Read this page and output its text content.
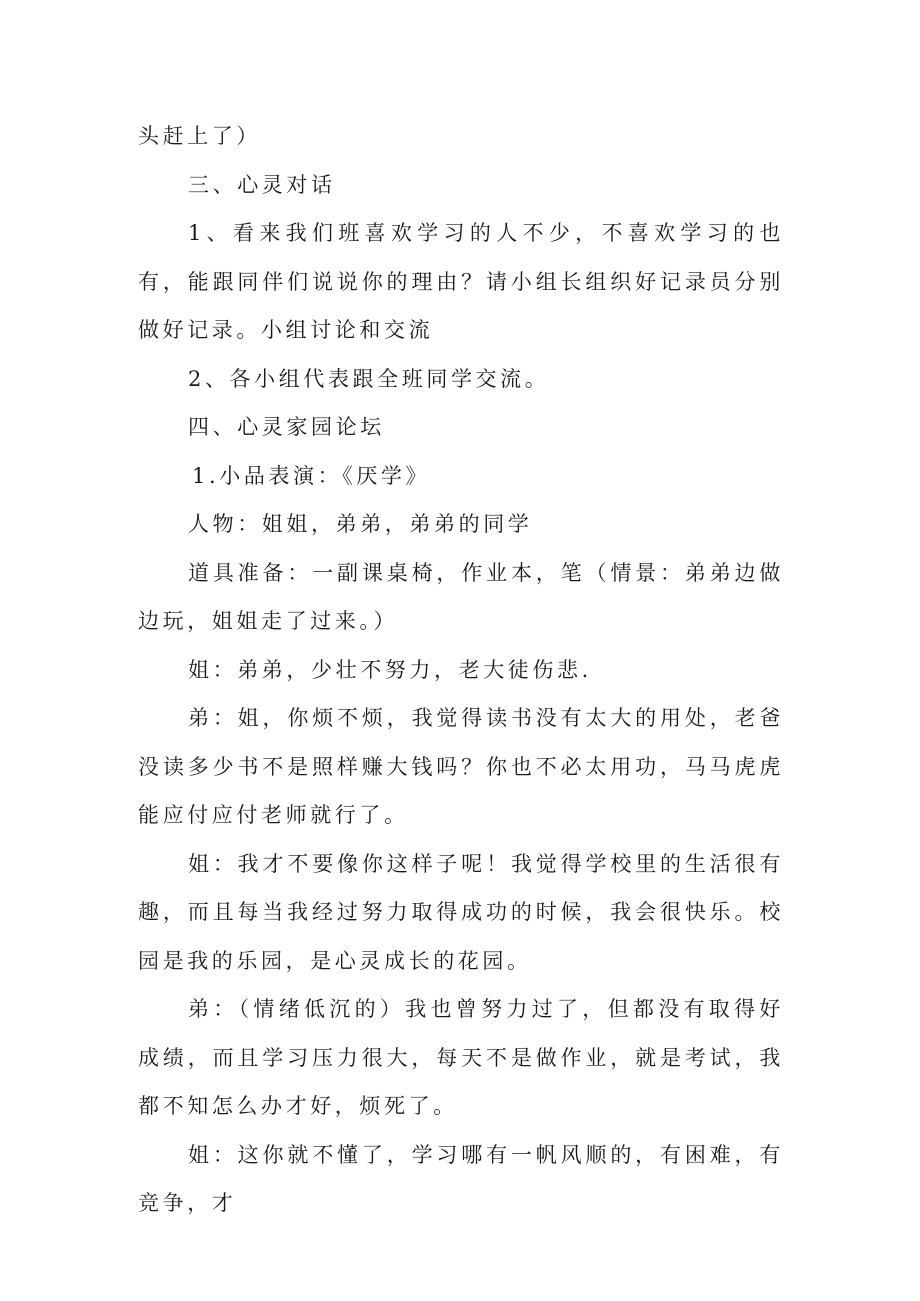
头赶上了）

三、心灵对话

1、看来我们班喜欢学习的人不少，不喜欢学习的也有，能跟同伴们说说你的理由？请小组长组织好记录员分别做好记录。小组讨论和交流

2、各小组代表跟全班同学交流。

四、心灵家园论坛

1.小品表演：《厌学》

人物：姐姐，弟弟，弟弟的同学

道具准备：一副课桌椅，作业本，笔（情景：弟弟边做边玩，姐姐走了过来。）

姐：弟弟，少壮不努力，老大徒伤悲.

弟：姐，你烦不烦，我觉得读书没有太大的用处，老爸没读多少书不是照样赚大钱吗？你也不必太用功，马马虎虎能应付应付老师就行了。

姐：我才不要像你这样子呢！我觉得学校里的生活很有趣，而且每当我经过努力取得成功的时候，我会很快乐。校园是我的乐园，是心灵成长的花园。

弟：（情绪低沉的）我也曾努力过了，但都没有取得好成绩，而且学习压力很大，每天不是做作业，就是考试，我都不知怎么办才好，烦死了。

姐：这你就不懂了，学习哪有一帆风顺的，有困难，有竞争，才
